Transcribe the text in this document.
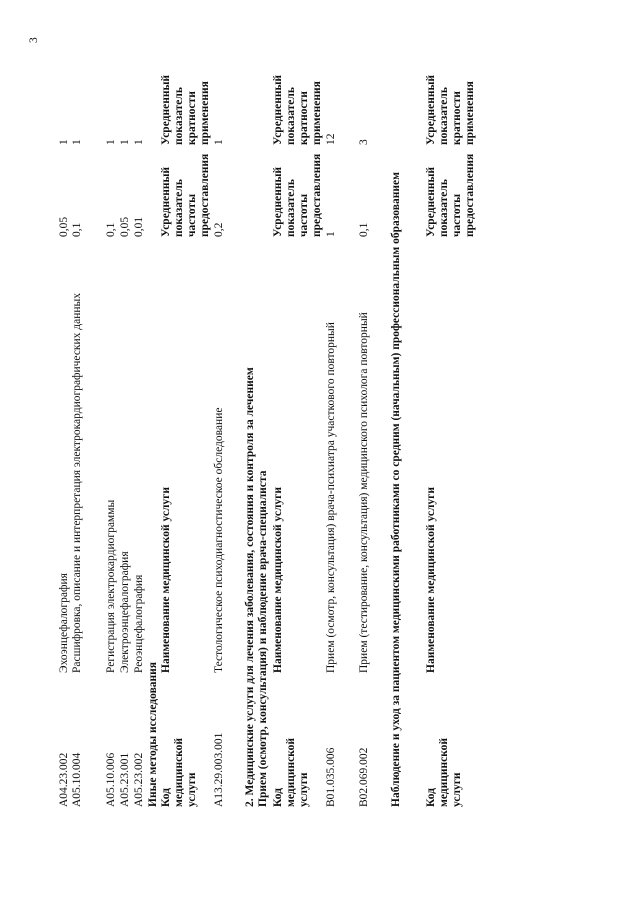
3
A04.23.002
Эхоэнцефалография
0,05
1
A05.10.004
Расшифровка, описание и интерпретация электрокардиографических данных
0,1
1
A05.10.006
Регистрация электрокардиограммы
0,1
1
A05.23.001
Электроэнцефалография
0,05
1
A05.23.002
Реоэнцефалография
0,01
1
Иные методы исследования Код медицинской услуги
Наименование медицинской услуги
Усредненный показатель частоты предоставления
Усредненный показатель кратности применения
A13.29.003.001
Тестологическое психодиагностическое обследование
0,2
1
2. Медицинские услуги для лечения заболевания, состояния и контроля за лечением Прием (осмотр, консультация) и наблюдение врача-специалиста Код медицинской услуги
Наименование медицинской услуги
Усредненный показатель частоты предоставления
Усредненный показатель кратности применения
B01.035.006
Прием (осмотр, консультация) врача-психиатра участкового повторный
1
12
B02.069.002
Прием (тестирование, консультация) медицинского психолога повторный
0,1
3
Наблюдение и уход за пациентом медицинскими работниками со средним (начальным) профессиональным образованием Код медицинской услуги
Наименование медицинской услуги
Усредненный показатель частоты предоставления
Усредненный показатель кратности применения
